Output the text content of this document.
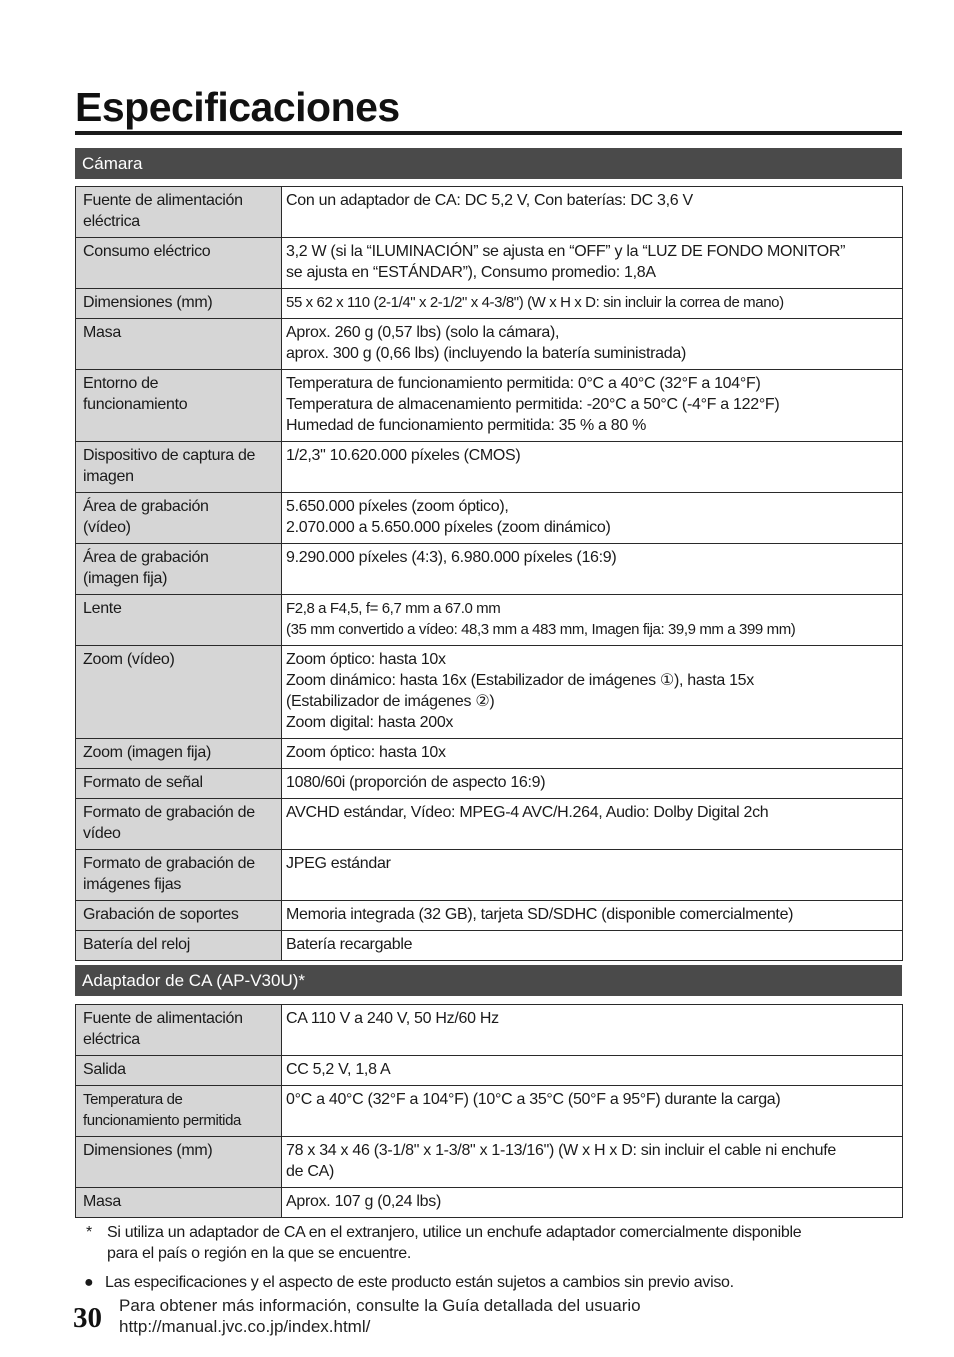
Especificaciones
Cámara
Fuente de alimentación
eléctrica	Con un adaptador de CA: DC 5,2 V, Con baterías: DC 3,6 V
Consumo eléctrico	3,2 W (si la “ILUMINACIÓN” se ajusta en “OFF” y la “LUZ DE FONDO MONITOR”
se ajusta en “ESTÁNDAR”), Consumo promedio: 1,8A
Dimensiones (mm)	55 x 62 x 110 (2-1/4" x 2-1/2" x 4-3/8") (W x H x D: sin incluir la correa de mano)
Masa	Aprox. 260 g (0,57 lbs) (solo la cámara),
aprox. 300 g (0,66 lbs) (incluyendo la batería suministrada)
Entorno de
funcionamiento	Temperatura de funcionamiento permitida: 0°C a 40°C (32°F a 104°F)
Temperatura de almacenamiento permitida: -20°C a 50°C (-4°F a 122°F)
Humedad de funcionamiento permitida: 35 % a 80 %
Dispositivo de captura de
imagen	1/2,3" 10.620.000 píxeles (CMOS)
Área de grabación
(vídeo)	5.650.000 píxeles (zoom óptico),
2.070.000 a 5.650.000 píxeles (zoom dinámico)
Área de grabación
(imagen fija)	9.290.000 píxeles (4:3), 6.980.000 píxeles (16:9)
Lente	F2,8 a F4,5, f= 6,7 mm a 67.0 mm
(35 mm convertido a vídeo: 48,3 mm a 483 mm, Imagen fija: 39,9 mm a 399 mm)
Zoom (vídeo)	Zoom óptico: hasta 10x
Zoom dinámico: hasta 16x (Estabilizador de imágenes ①), hasta 15x
(Estabilizador de imágenes ②)
Zoom digital: hasta 200x
Zoom (imagen fija)	Zoom óptico: hasta 10x
Formato de señal	1080/60i (proporción de aspecto 16:9)
Formato de grabación de
vídeo	AVCHD estándar, Vídeo: MPEG-4 AVC/H.264, Audio: Dolby Digital 2ch
Formato de grabación de
imágenes fijas	JPEG estándar
Grabación de soportes	Memoria integrada (32 GB), tarjeta SD/SDHC (disponible comercialmente)
Batería del reloj	Batería recargable
Adaptador de CA (AP-V30U)*
Fuente de alimentación
eléctrica	CA 110 V a 240 V, 50 Hz/60 Hz
Salida	CC 5,2 V, 1,8 A
Temperatura de
funcionamiento permitida	0°C a 40°C (32°F a 104°F) (10°C a 35°C (50°F a 95°F) durante la carga)
Dimensiones (mm)	78 x 34 x 46 (3-1/8" x 1-3/8" x 1-13/16") (W x H x D: sin incluir el cable ni enchufe
de CA)
Masa	Aprox. 107 g (0,24 lbs)
* Si utiliza un adaptador de CA en el extranjero, utilice un enchufe adaptador comercialmente disponible
para el país o región en la que se encuentre.
● Las especificaciones y el aspecto de este producto están sujetos a cambios sin previo aviso.
30 Para obtener más información, consulte la Guía detallada del usuario
http://manual.jvc.co.jp/index.html/
